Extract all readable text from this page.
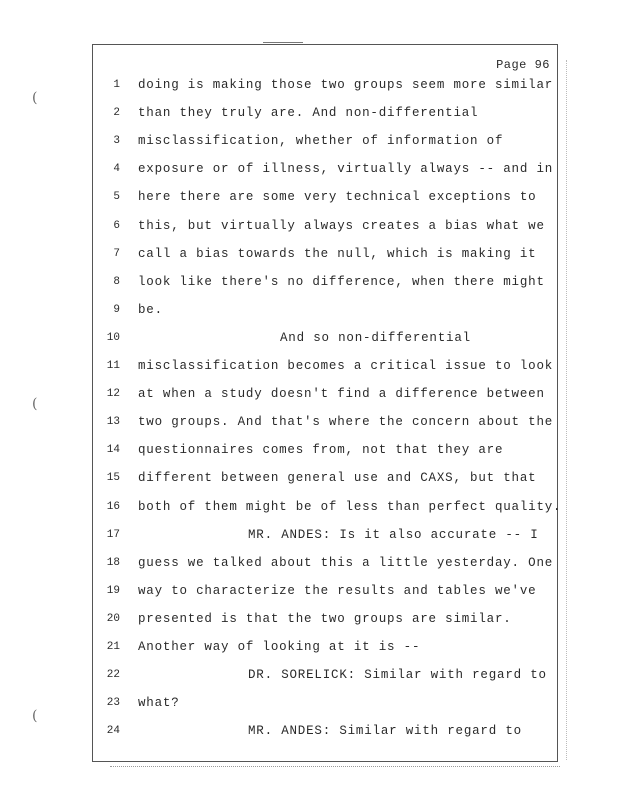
(
(
(
Page 96
1 doing is making those two groups seem more similar
2 than they truly are. And non-differential
3 misclassification, whether of information of
4 exposure or of illness, virtually always -- and in
5 here there are some very technical exceptions to
6 this, but virtually always creates a bias what we
7 call a bias towards the null, which is making it
8 look like there's no difference, when there might
9 be.
10	And so non-differential
11 misclassification becomes a critical issue to look
12 at when a study doesn't find a difference between
13 two groups. And that's where the concern about the
14 questionnaires comes from, not that they are
15 different between general use and CAXS, but that
16 both of them might be of less than perfect quality.
17	MR. ANDES: Is it also accurate -- I
18 guess we talked about this a little yesterday. One
19 way to characterize the results and tables we've
20 presented is that the two groups are similar.
21 Another way of looking at it is --
22	DR. SORELICK: Similar with regard to
23 what?
24	MR. ANDES: Similar with regard to
